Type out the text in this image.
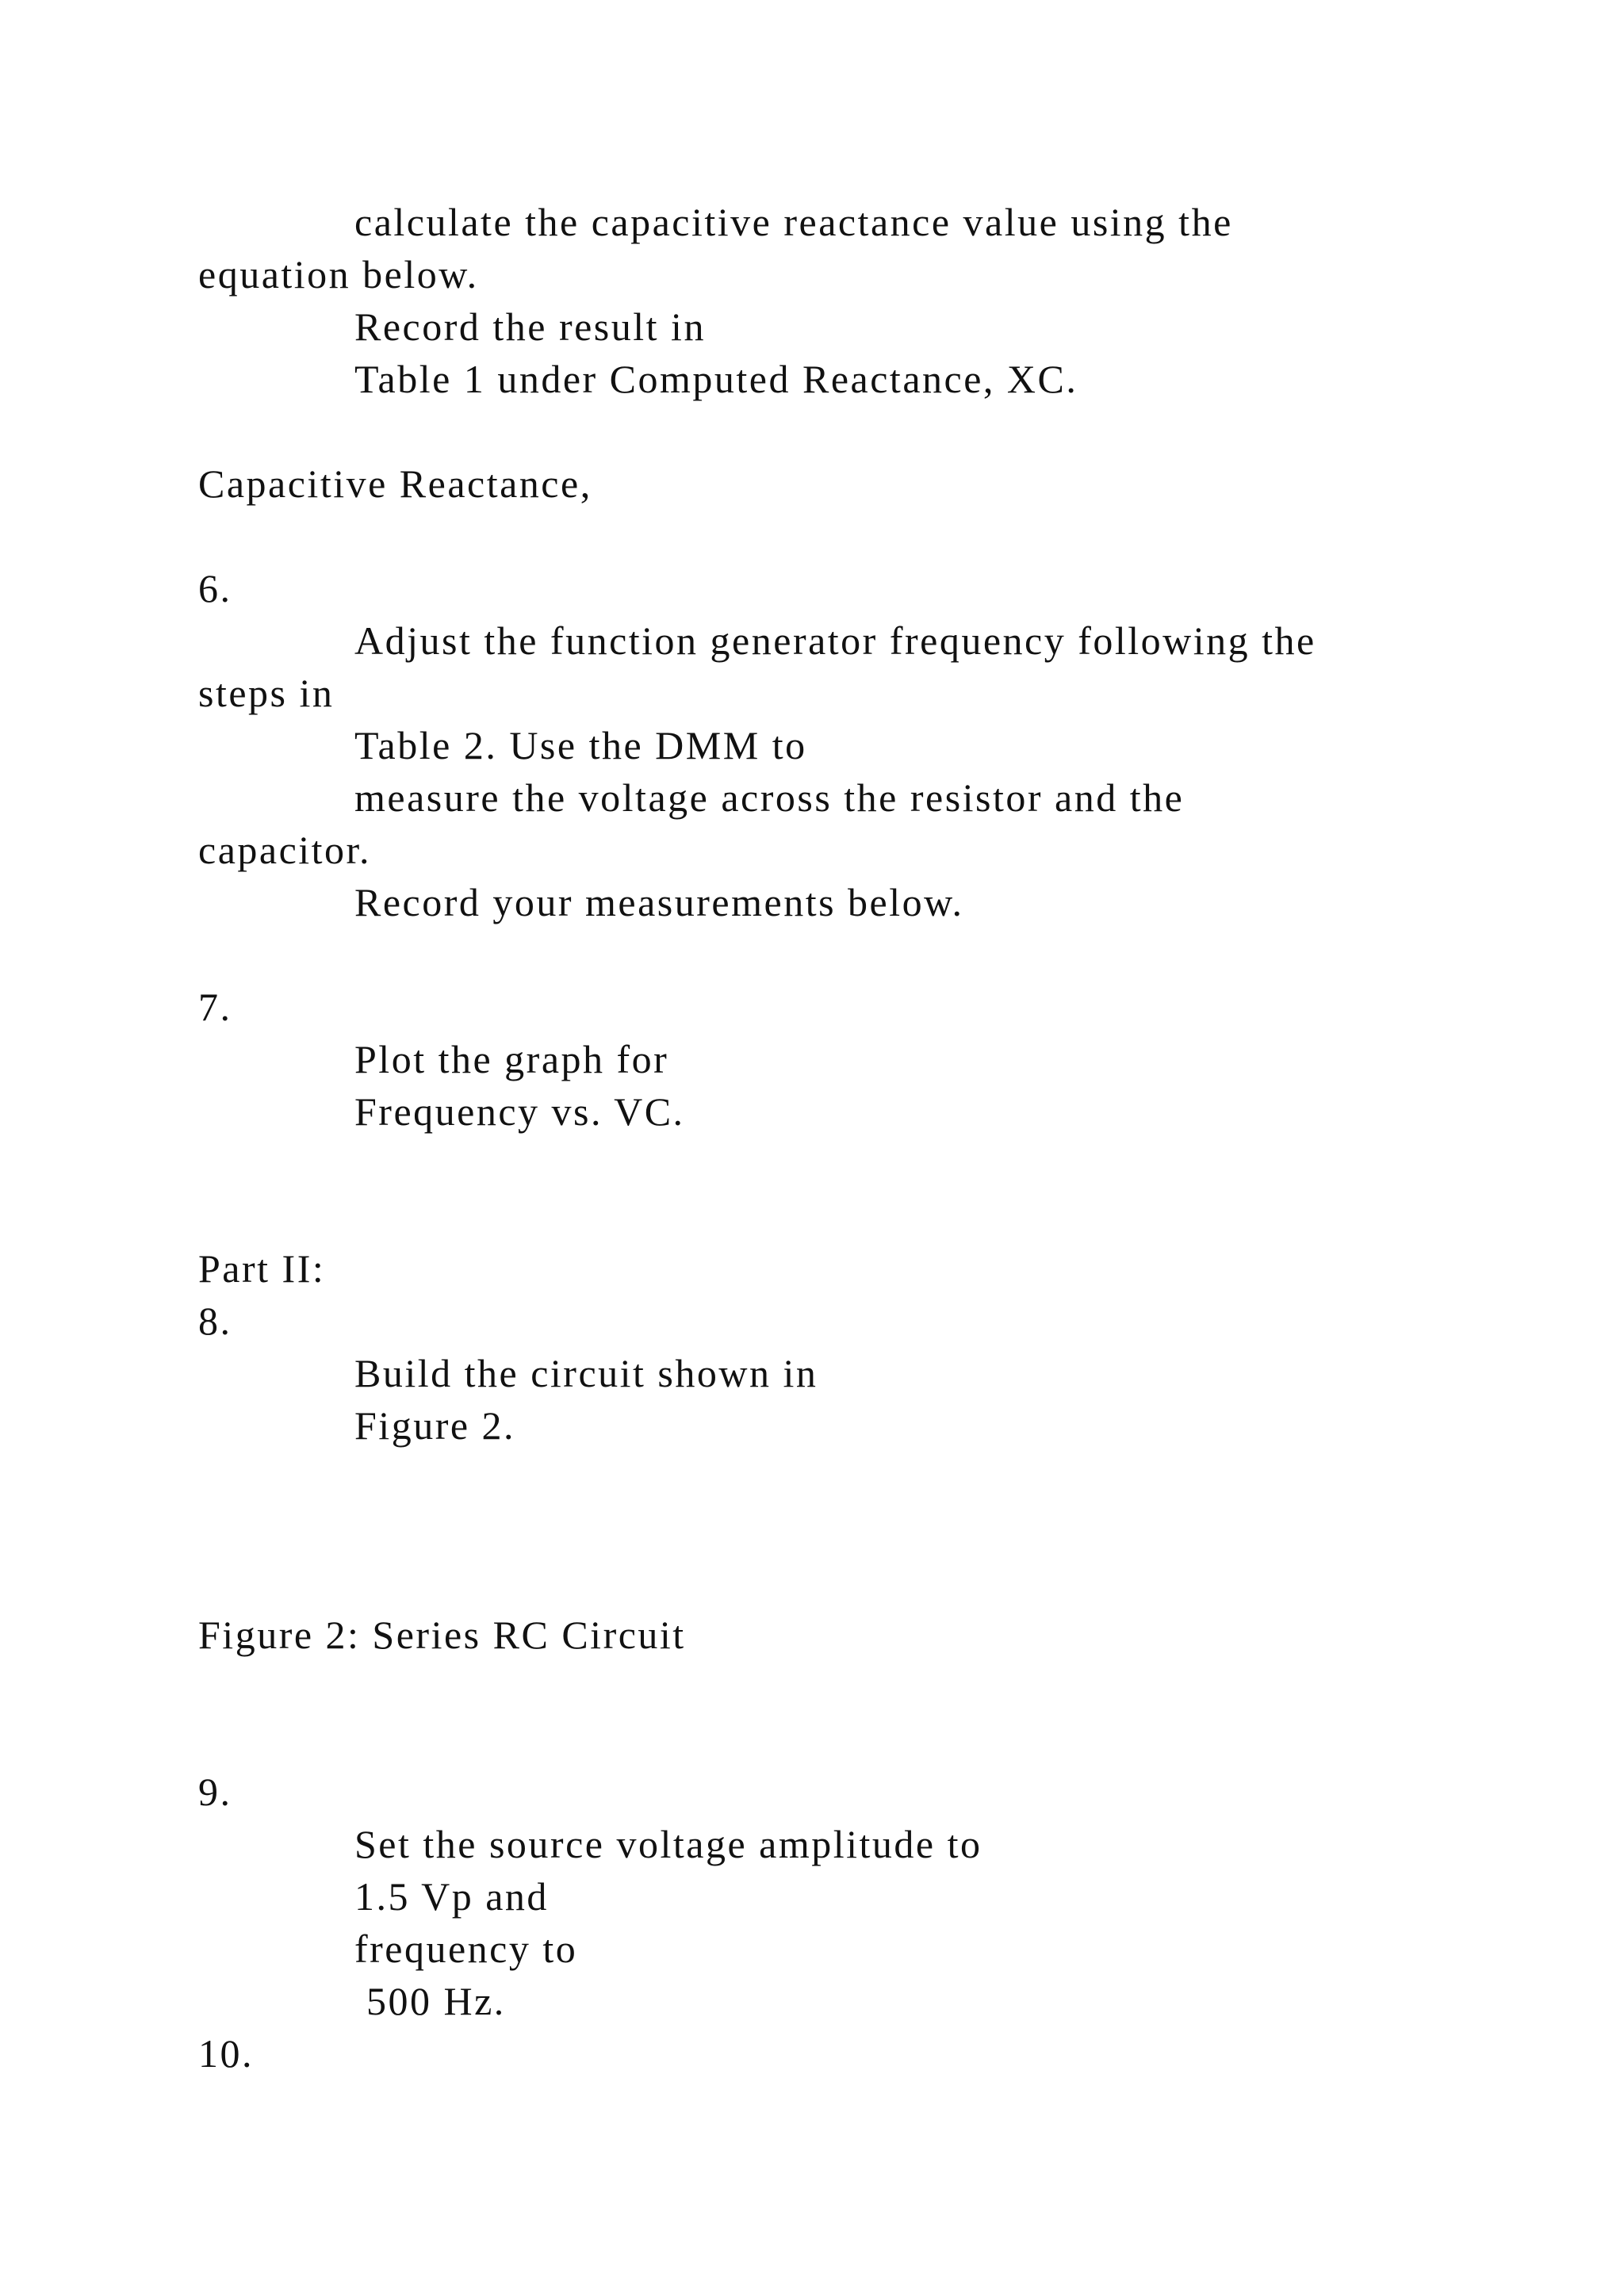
calculate the capacitive reactance value using the
equation below.
Record the result in
Table 1 under Computed Reactance, XC.
Capacitive Reactance,
6.
Adjust the function generator frequency following the
steps in
Table 2. Use the DMM to
measure the voltage across the resistor and the
capacitor.
Record your measurements below.
7.
Plot the graph for
Frequency vs. VC.
Part II:
8.
Build the circuit shown in
Figure 2.
Figure 2: Series RC Circuit
9.
Set the source voltage amplitude to
1.5 Vp and
frequency to
500 Hz.
10.
